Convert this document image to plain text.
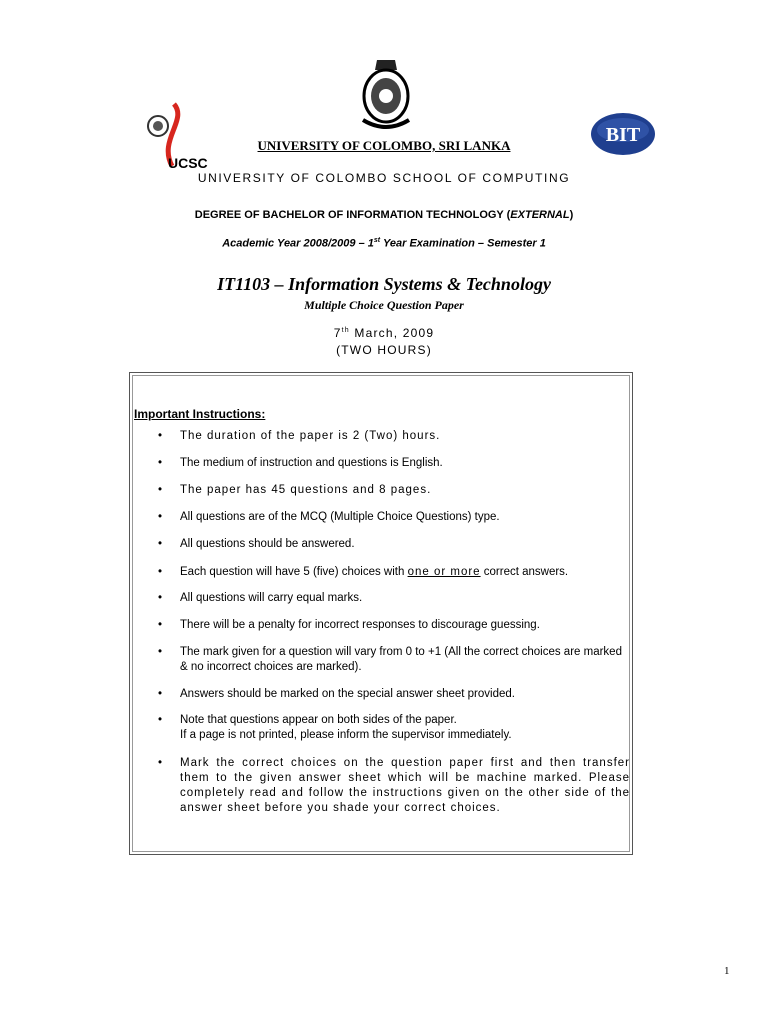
UCSC
BIT
UNIVERSITY OF COLOMBO, SRI LANKA
UNIVERSITY OF COLOMBO SCHOOL OF COMPUTING
DEGREE OF BACHELOR OF INFORMATION TECHNOLOGY (EXTERNAL)
Academic Year 2008/2009 – 1st Year Examination – Semester 1
IT1103 – Information Systems & Technology
Multiple Choice Question Paper
7th March, 2009
(TWO HOURS)
Important Instructions:
• The duration of the paper is 2 (Two) hours.
• The medium of instruction and questions is English.
• The paper has 45 questions and 8 pages.
• All questions are of the MCQ (Multiple Choice Questions) type.
• All questions should be answered.
• Each question will have 5 (five) choices with one or more correct answers.
• All questions will carry equal marks.
• There will be a penalty for incorrect responses to discourage guessing.
• The mark given for a question will vary from 0 to +1 (All the correct choices are marked & no incorrect choices are marked).
• Answers should be marked on the special answer sheet provided.
• Note that questions appear on both sides of the paper.
If a page is not printed, please inform the supervisor immediately.
• Mark the correct choices on the question paper first and then transfer them to the given answer sheet which will be machine marked. Please completely read and follow the instructions given on the other side of the answer sheet before you shade your correct choices.
1
